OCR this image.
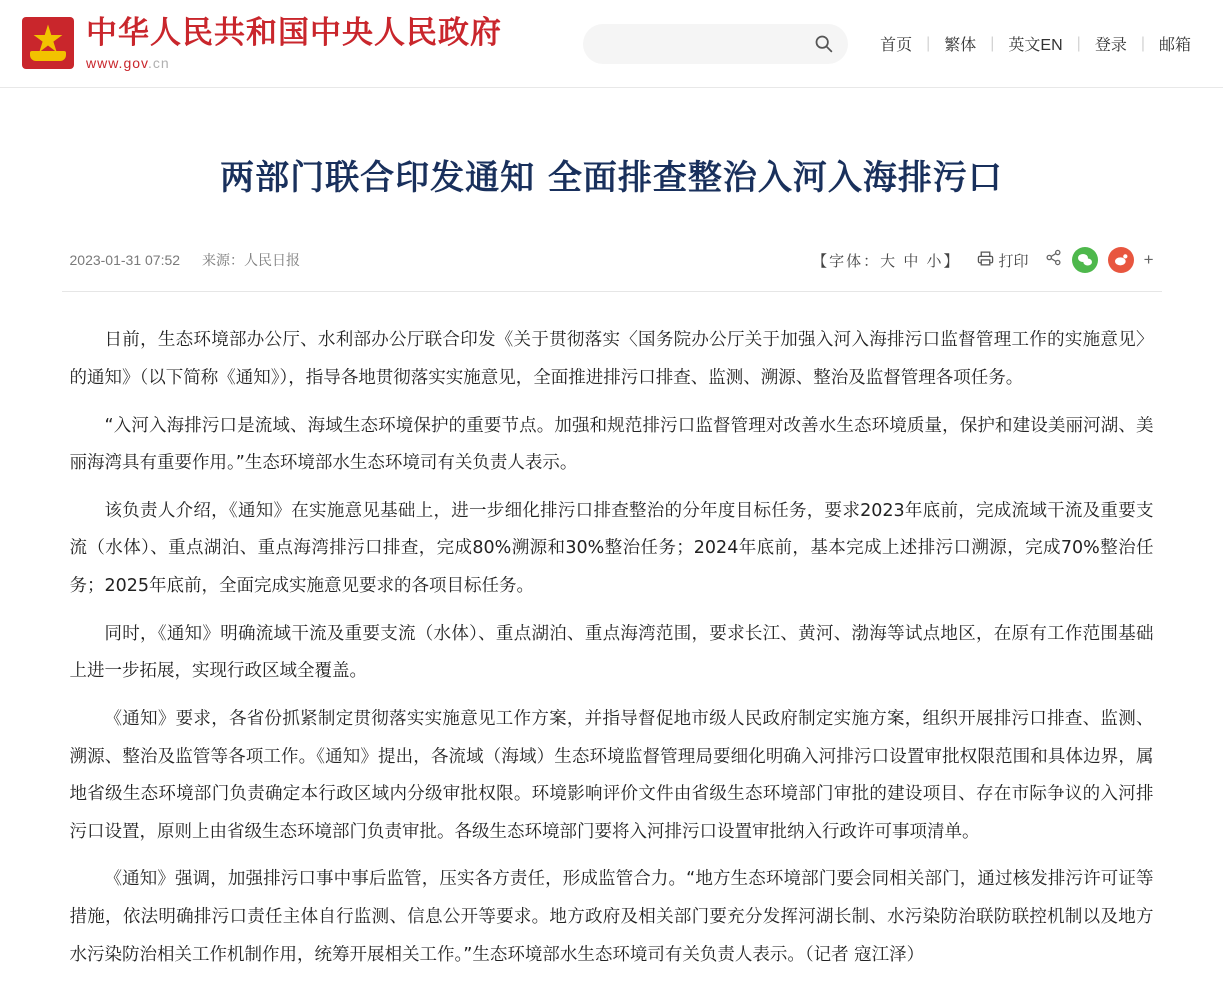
中华人民共和国中央人民政府
www.gov.cn
首页 | 繁体 | 英文EN | 登录 | 邮箱
两部门联合印发通知 全面排查整治入河入海排污口
2023-01-31 07:52 来源：人民日报	【字体：大 中 小】	打印	+

日前，生态环境部办公厅、水利部办公厅联合印发《关于贯彻落实〈国务院办公厅关于加强入河入海排污口监督管理工作的实施意见〉的通知》（以下简称《通知》），指导各地贯彻落实实施意见，全面推进排污口排查、监测、溯源、整治及监督管理各项任务。

“入河入海排污口是流域、海域生态环境保护的重要节点。加强和规范排污口监督管理对改善水生态环境质量，保护和建设美丽河湖、美丽海湾具有重要作用。”生态环境部水生态环境司有关负责人表示。

该负责人介绍，《通知》在实施意见基础上，进一步细化排污口排查整治的分年度目标任务，要求2023年底前，完成流域干流及重要支流（水体）、重点湖泊、重点海湾排污口排查，完成80%溯源和30%整治任务；2024年底前，基本完成上述排污口溯源，完成70%整治任务；2025年底前，全面完成实施意见要求的各项目标任务。

同时，《通知》明确流域干流及重要支流（水体）、重点湖泊、重点海湾范围，要求长江、黄河、渤海等试点地区，在原有工作范围基础上进一步拓展，实现行政区域全覆盖。

《通知》要求，各省份抓紧制定贯彻落实实施意见工作方案，并指导督促地市级人民政府制定实施方案，组织开展排污口排查、监测、溯源、整治及监管等各项工作。《通知》提出，各流域（海域）生态环境监督管理局要细化明确入河排污口设置审批权限范围和具体边界，属地省级生态环境部门负责确定本行政区域内分级审批权限。环境影响评价文件由省级生态环境部门审批的建设项目、存在市际争议的入河排污口设置，原则上由省级生态环境部门负责审批。各级生态环境部门要将入河排污口设置审批纳入行政许可事项清单。

《通知》强调，加强排污口事中事后监管，压实各方责任，形成监管合力。“地方生态环境部门要会同相关部门，通过核发排污许可证等措施，依法明确排污口责任主体自行监测、信息公开等要求。地方政府及相关部门要充分发挥河湖长制、水污染防治联防联控机制以及地方水污染防治相关工作机制作用，统筹开展相关工作。”生态环境部水生态环境司有关负责人表示。（记者 寇江泽）
